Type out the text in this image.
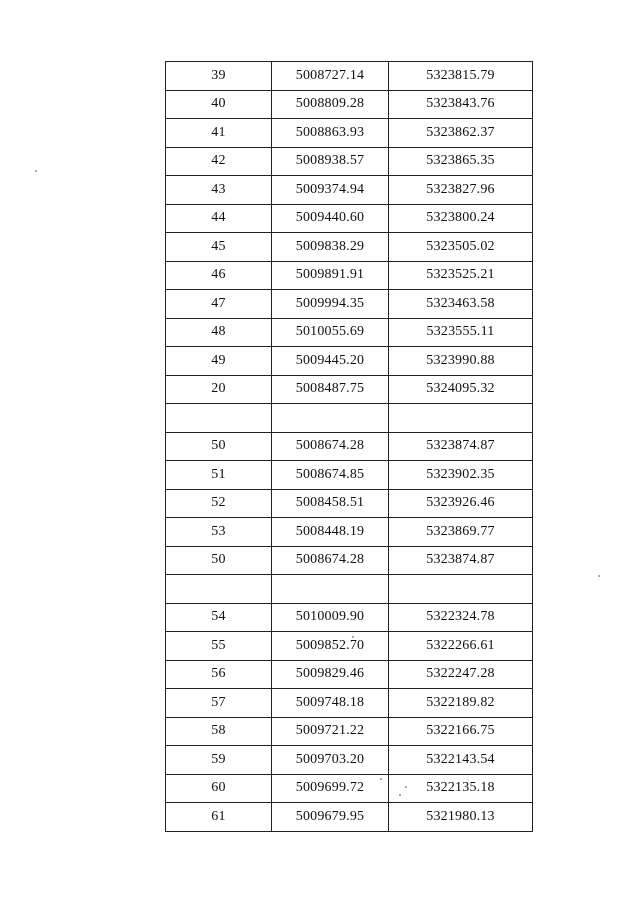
39	5008727.14	5323815.79
40	5008809.28	5323843.76
41	5008863.93	5323862.37
42	5008938.57	5323865.35
43	5009374.94	5323827.96
44	5009440.60	5323800.24
45	5009838.29	5323505.02
46	5009891.91	5323525.21
47	5009994.35	5323463.58
48	5010055.69	5323555.11
49	5009445.20	5323990.88
20	5008487.75	5324095.32

50	5008674.28	5323874.87
51	5008674.85	5323902.35
52	5008458.51	5323926.46
53	5008448.19	5323869.77
50	5008674.28	5323874.87

54	5010009.90	5322324.78
55	5009852.70	5322266.61
56	5009829.46	5322247.28
57	5009748.18	5322189.82
58	5009721.22	5322166.75
59	5009703.20	5322143.54
60	5009699.72	5322135.18
61	5009679.95	5321980.13
